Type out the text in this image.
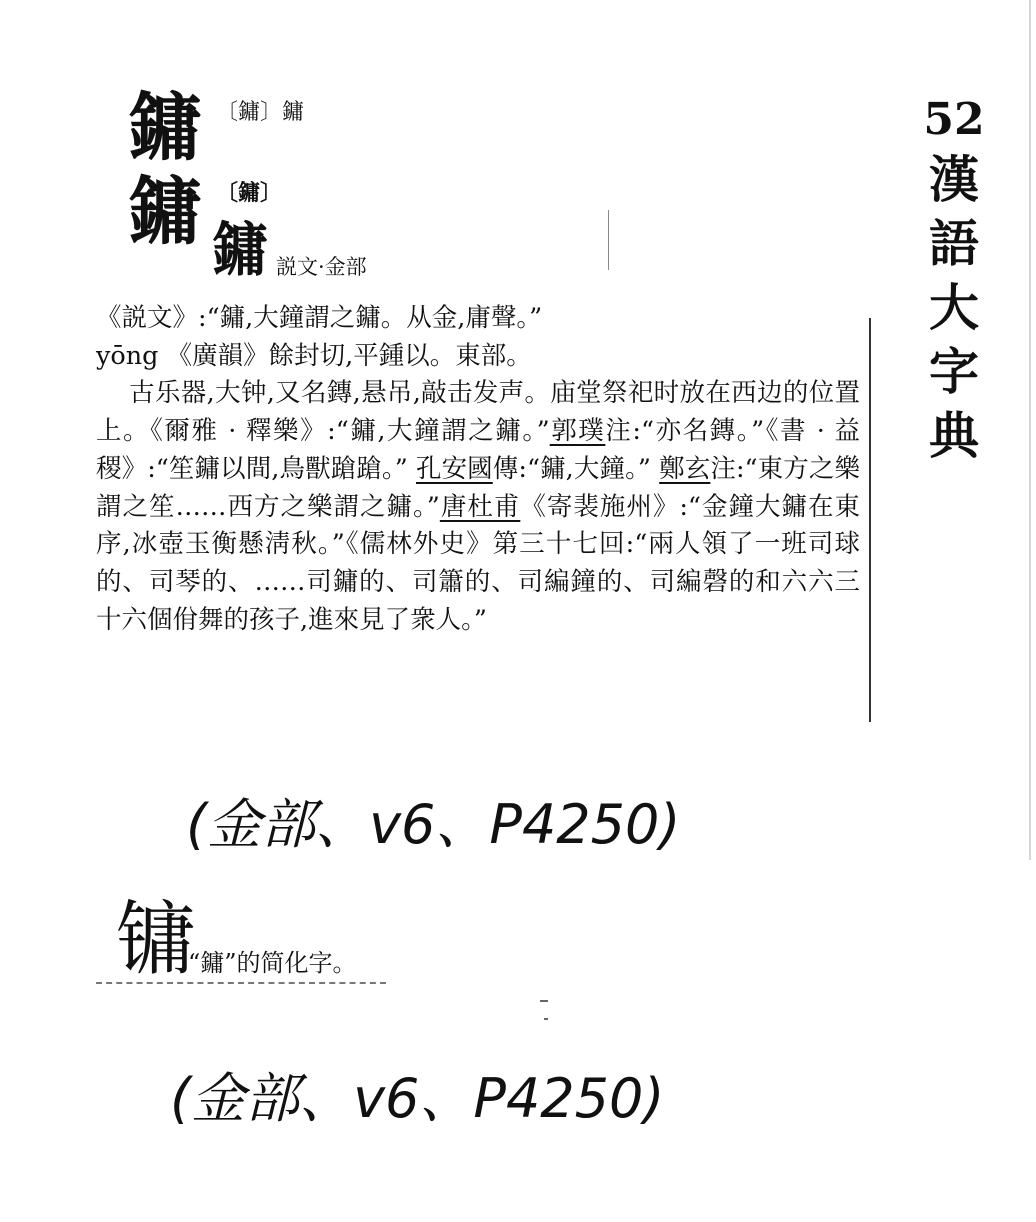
52
漢
語
大
字
典
鏞 〔鏞〕鏞
鏞 〔鏞〕
鏞 説文·金部

《説文》:“鏞,大鐘謂之鏞。从金,庸聲。”

yōng 《廣韻》餘封切,平鍾以。東部。

古乐器,大钟,又名鏄,悬吊,敲击发声。庙堂祭祀时放在西边的位置上。《爾雅 · 釋樂》:“鏞,大鐘謂之鏞。”郭璞注:“亦名鏄。”《書 · 益稷》:“笙鏞以間,鳥獸蹌蹌。” 孔安國傳:“鏞,大鐘。” 鄭玄注:“東方之樂謂之笙……西方之樂謂之鏞。”唐杜甫《寄裴施州》:“金鐘大鏞在東序,冰壺玉衡懸淸秋。”《儒林外史》第三十七回:“兩人領了一班司球的、司琴的、……司鏞的、司簫的、司編鐘的、司編磬的和六六三十六個佾舞的孩子,進來見了衆人。”

(金部、v6、P4250)
镛
“鏞”的简化字。
(金部、v6、P4250)
